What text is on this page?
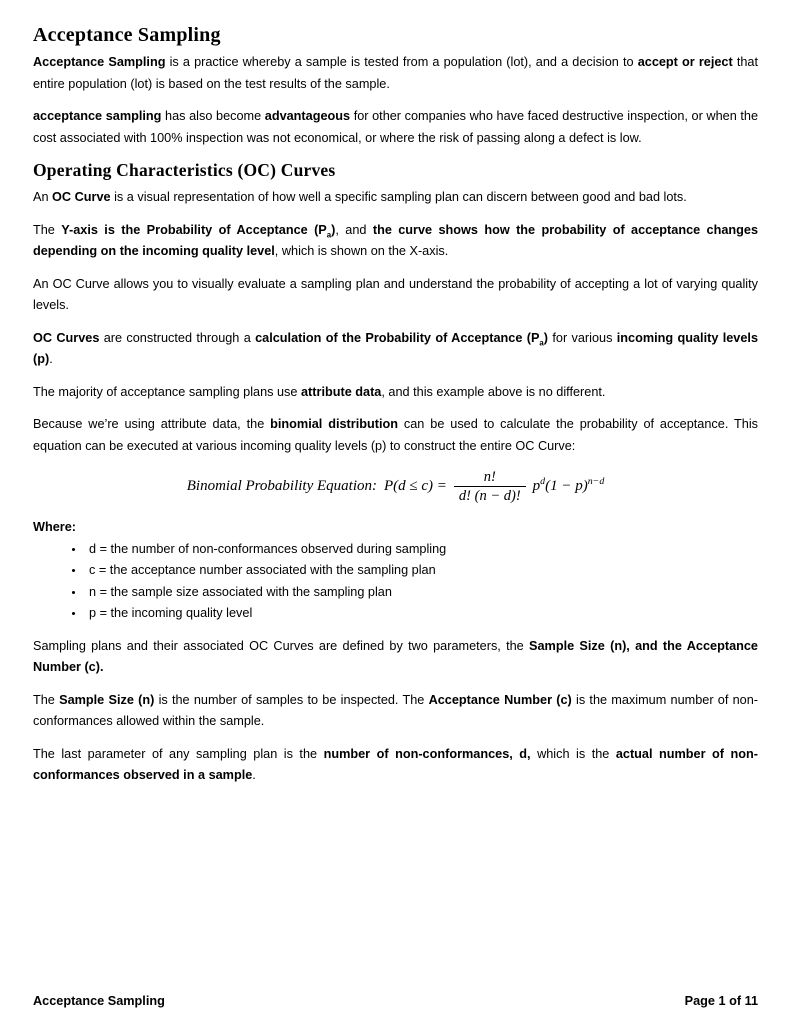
Acceptance Sampling

Acceptance Sampling is a practice whereby a sample is tested from a population (lot), and a decision to accept or reject that entire population (lot) is based on the test results of the sample.

acceptance sampling has also become advantageous for other companies who have faced destructive inspection, or when the cost associated with 100% inspection was not economical, or where the risk of passing along a defect is low.

Operating Characteristics (OC) Curves

An OC Curve is a visual representation of how well a specific sampling plan can discern between good and bad lots.

The Y-axis is the Probability of Acceptance $(P_a)$, and the curve shows how the probability of acceptance changes depending on the incoming quality level, which is shown on the X-axis.

An OC Curve allows you to visually evaluate a sampling plan and understand the probability of accepting a lot of varying quality levels.

OC Curves are constructed through a calculation of the Probability of Acceptance $(P_a)$ for various incoming quality levels (p).

The majority of acceptance sampling plans use attribute data, and this example above is no different.

Because we’re using attribute data, the binomial distribution can be used to calculate the probability of acceptance. This equation can be executed at various incoming quality levels (p) to construct the entire OC Curve:

Binomial Probability Equation: $P(d \le c) = \frac{n!}{d! (n - d)!} p^d(1 - p)^{n-d}$

Where:

• d = the number of non-conformances observed during sampling
• c = the acceptance number associated with the sampling plan
• n = the sample size associated with the sampling plan
• p = the incoming quality level

Sampling plans and their associated OC Curves are defined by two parameters, the Sample Size (n), and the Acceptance Number (c).

The Sample Size (n) is the number of samples to be inspected. The Acceptance Number (c) is the maximum number of non-conformances allowed within the sample.

The last parameter of any sampling plan is the number of non-conformances, d, which is the actual number of non-conformances observed in a sample.

Acceptance Sampling	Page 1 of 11
